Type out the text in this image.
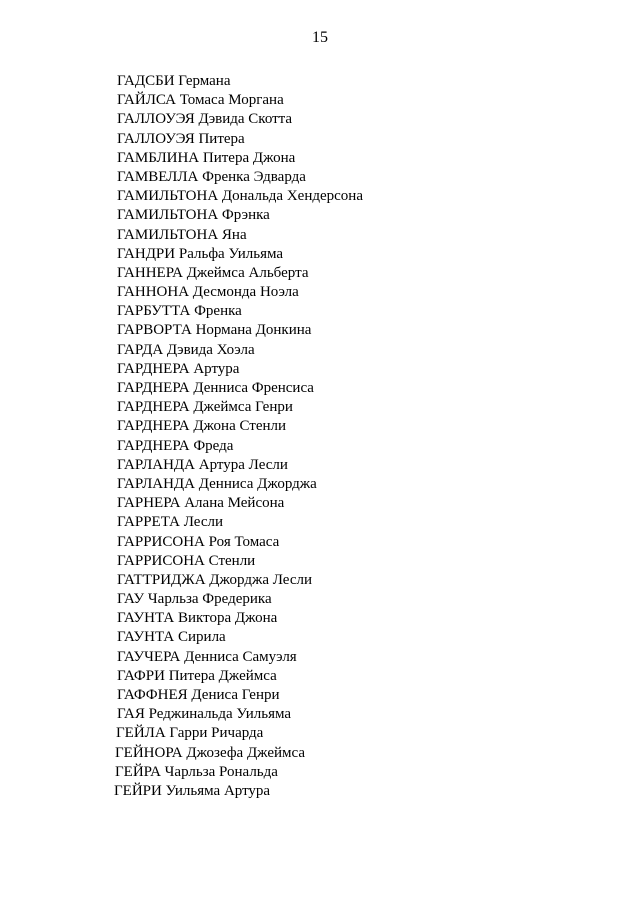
15
ГАДСБИ Германа
ГАЙЛСА Томаса Моргана
ГАЛЛОУЭЯ Дэвида Скотта
ГАЛЛОУЭЯ Питера
ГАМБЛИНА Питера Джона
ГАМВЕЛЛА Френка Эдварда
ГАМИЛЬТОНА Дональда Хендерсона
ГАМИЛЬТОНА Фрэнка
ГАМИЛЬТОНА Яна
ГАНДРИ Ральфа Уильяма
ГАННЕРА Джеймса Альберта
ГАННОНА Десмонда Ноэла
ГАРБУТТА Френка
ГАРВОРТА Нормана Донкина
ГАРДА Дэвида Хоэла
ГАРДНЕРА Артура
ГАРДНЕРА Денниса Френсиса
ГАРДНЕРА Джеймса Генри
ГАРДНЕРА Джона Стенли
ГАРДНЕРА Фреда
ГАРЛАНДА Артура Лесли
ГАРЛАНДА Денниса Джорджа
ГАРНЕРА Алана Мейсона
ГАРРЕТА Лесли
ГАРРИСОНА Роя Томаса
ГАРРИСОНА Стенли
ГАТТРИДЖА Джорджа Лесли
ГАУ Чарльза Фредерика
ГАУНТА Виктора Джона
ГАУНТА Сирила
ГАУЧЕРА Денниса Самуэля
ГАФРИ Питера Джеймса
ГАФФНЕЯ Дениса Генри
ГАЯ Реджинальда Уильяма
ГЕЙЛА Гарри Ричарда
ГЕЙНОРА Джозефа Джеймса
ГЕЙРА Чарльза Рональда
ГЕЙРИ Уильяма Артура
